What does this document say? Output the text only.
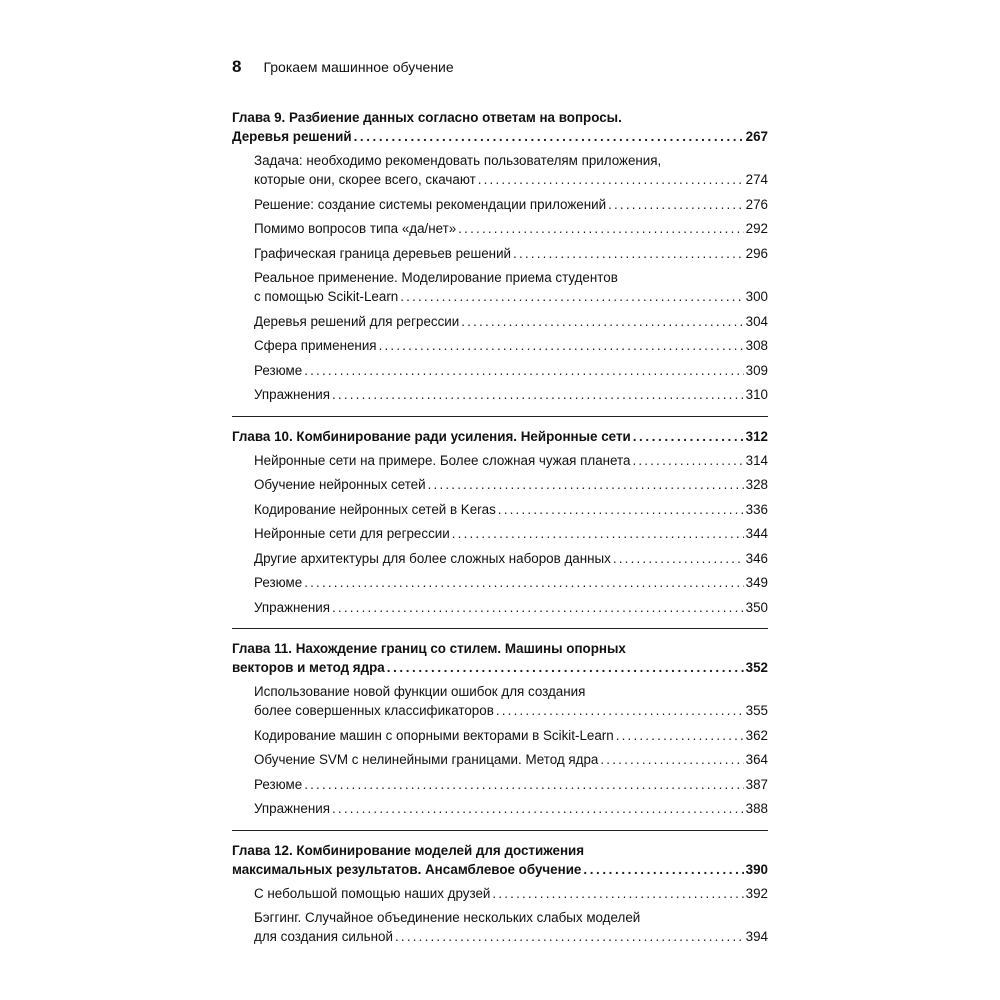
8 Грокаем машинное обучение
Глава 9. Разбиение данных согласно ответам на вопросы.
Деревья решений .....	267
Задача: необходимо рекомендовать пользователям приложения,
которые они, скорее всего, скачают .....	274
Решение: создание системы рекомендации приложений .....	276
Помимо вопросов типа «да/нет» .....	292
Графическая граница деревьев решений .....	296
Реальное применение. Моделирование приема студентов
с помощью Scikit-Learn .....	300
Деревья решений для регрессии .....	304
Сфера применения .....	308
Резюме .....	309
Упражнения .....	310
Глава 10. Комбинирование ради усиления. Нейронные сети .....	312
Нейронные сети на примере. Более сложная чужая планета .....	314
Обучение нейронных сетей .....	328
Кодирование нейронных сетей в Keras .....	336
Нейронные сети для регрессии .....	344
Другие архитектуры для более сложных наборов данных .....	346
Резюме .....	349
Упражнения .....	350
Глава 11. Нахождение границ со стилем. Машины опорных
векторов и метод ядра .....	352
Использование новой функции ошибок для создания
более совершенных классификаторов .....	355
Кодирование машин с опорными векторами в Scikit-Learn .....	362
Обучение SVM с нелинейными границами. Метод ядра .....	364
Резюме .....	387
Упражнения .....	388
Глава 12. Комбинирование моделей для достижения
максимальных результатов. Ансамблевое обучение .....	390
С небольшой помощью наших друзей .....	392
Бэггинг. Случайное объединение нескольких слабых моделей
для создания сильной .....	394
